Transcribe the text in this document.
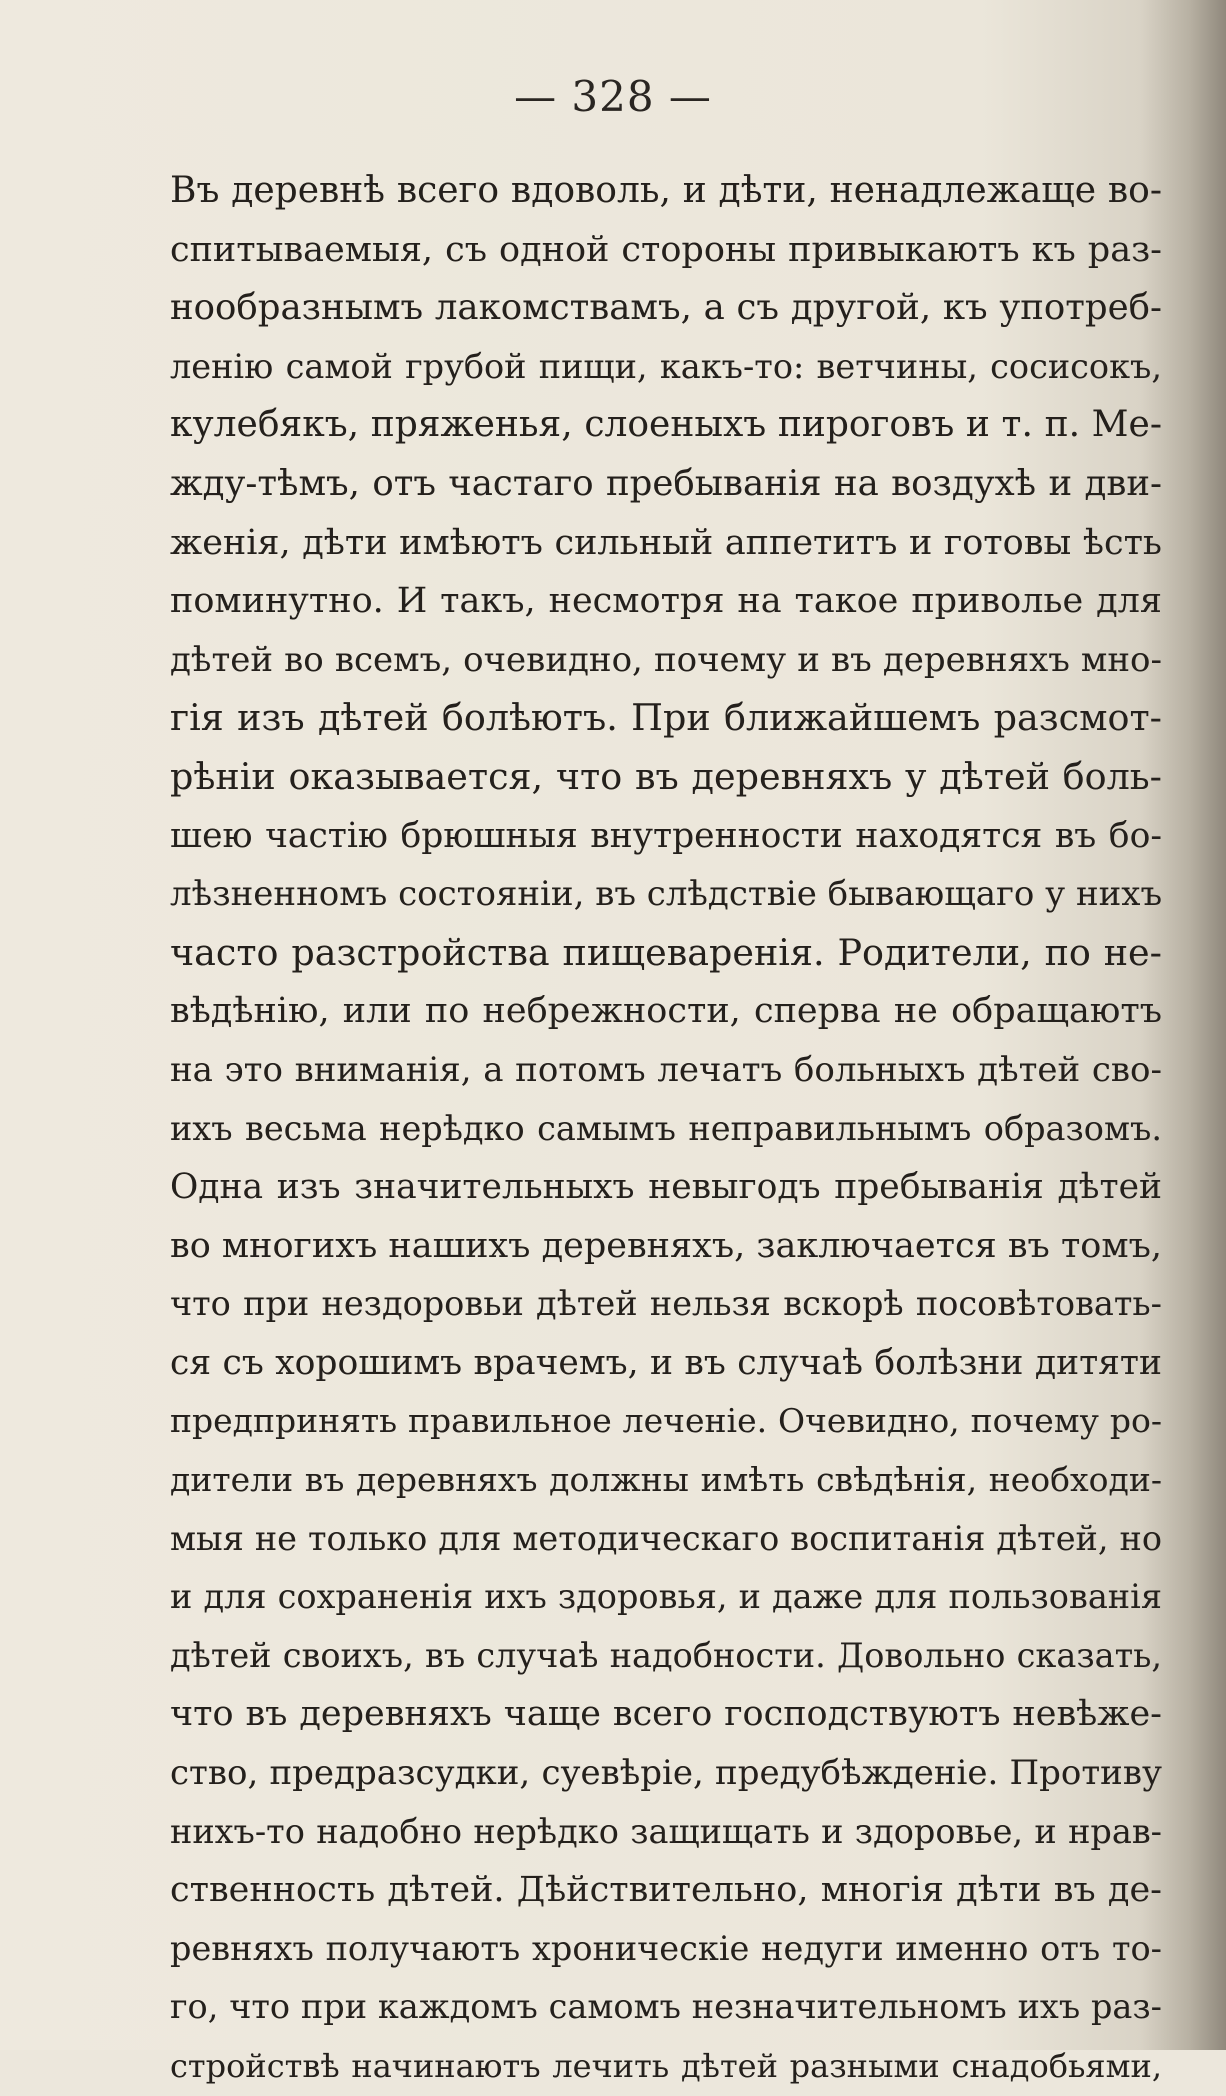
— 328 —
Въ деревнѣ всего вдоволь, и дѣти, ненадлежаще во-
спитываемыя, съ одной стороны привыкаютъ къ раз-
нообразнымъ лакомствамъ, а съ другой, къ употреб-
ленію самой грубой пищи, какъ-то: ветчины, сосисокъ,
кулебякъ, пряженья, слоеныхъ пироговъ и т. п. Ме-
жду-тѣмъ, отъ частаго пребыванія на воздухѣ и дви-
женія, дѣти имѣютъ сильный аппетитъ и готовы ѣсть
поминутно. И такъ, несмотря на такое приволье для
дѣтей во всемъ, очевидно, почему и въ деревняхъ мно-
гія изъ дѣтей болѣютъ. При ближайшемъ разсмот-
рѣніи оказывается, что въ деревняхъ у дѣтей боль-
шею частію брюшныя внутренности находятся въ бо-
лѣзненномъ состояніи, въ слѣдствіе бывающаго у нихъ
часто разстройства пищеваренія. Родители, по не-
вѣдѣнію, или по небрежности, сперва не обращаютъ
на это вниманія, а потомъ лечатъ больныхъ дѣтей сво-
ихъ весьма нерѣдко самымъ неправильнымъ образомъ.
Одна изъ значительныхъ невыгодъ пребыванія дѣтей
во многихъ нашихъ деревняхъ, заключается въ томъ,
что при нездоровьи дѣтей нельзя вскорѣ посовѣтовать-
ся съ хорошимъ врачемъ, и въ случаѣ болѣзни дитяти
предпринять правильное леченіе. Очевидно, почему ро-
дители въ деревняхъ должны имѣть свѣдѣнія, необходи-
мыя не только для методическаго воспитанія дѣтей, но
и для сохраненія ихъ здоровья, и даже для пользованія
дѣтей своихъ, въ случаѣ надобности. Довольно сказать,
что въ деревняхъ чаще всего господствуютъ невѣже-
ство, предразсудки, суевѣріе, предубѣжденіе. Противу
нихъ-то надобно нерѣдко защищать и здоровье, и нрав-
ственность дѣтей. Дѣйствительно, многія дѣти въ де-
ревняхъ получаютъ хроническіе недуги именно отъ то-
го, что при каждомъ самомъ незначительномъ ихъ раз-
стройствѣ начинаютъ лечить дѣтей разными снадобьями,
